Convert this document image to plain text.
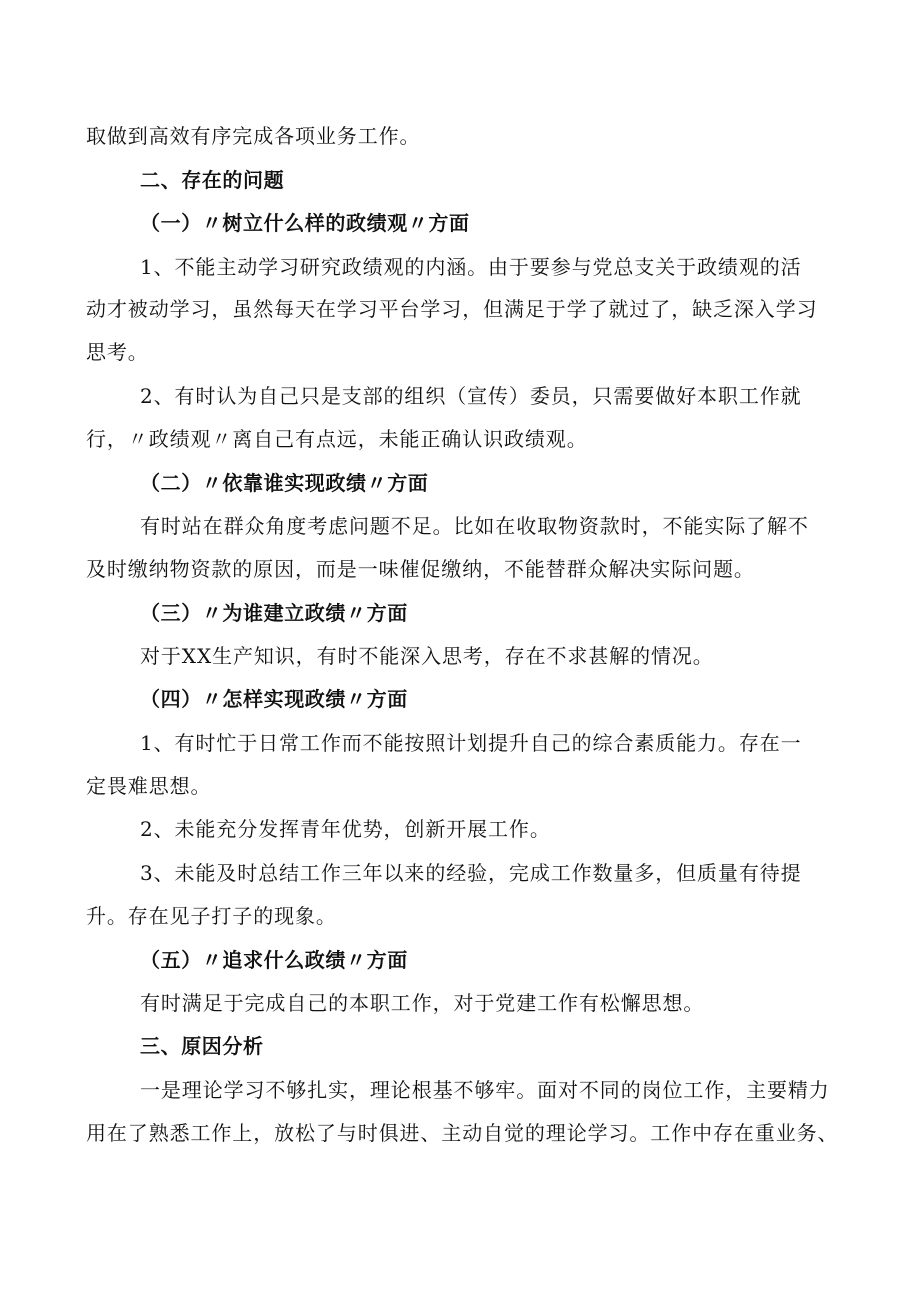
取做到高效有序完成各项业务工作。
二、存在的问题
（一）〃树立什么样的政绩观〃方面
1、不能主动学习研究政绩观的内涵。由于要参与党总支关于政绩观的活
动才被动学习，虽然每天在学习平台学习，但满足于学了就过了，缺乏深入学习
思考。
2、有时认为自己只是支部的组织（宣传）委员，只需要做好本职工作就
行，〃政绩观〃离自己有点远，未能正确认识政绩观。
（二）〃依靠谁实现政绩〃方面
有时站在群众角度考虑问题不足。比如在收取物资款时，不能实际了解不
及时缴纳物资款的原因，而是一味催促缴纳，不能替群众解决实际问题。
（三）〃为谁建立政绩〃方面
对于XX生产知识，有时不能深入思考，存在不求甚解的情况。
（四）〃怎样实现政绩〃方面
1、有时忙于日常工作而不能按照计划提升自己的综合素质能力。存在一
定畏难思想。
2、未能充分发挥青年优势，创新开展工作。
3、未能及时总结工作三年以来的经验，完成工作数量多，但质量有待提
升。存在见子打子的现象。
（五）〃追求什么政绩〃方面
有时满足于完成自己的本职工作，对于党建工作有松懈思想。
三、原因分析
一是理论学习不够扎实，理论根基不够牢。面对不同的岗位工作，主要精力
用在了熟悉工作上，放松了与时俱进、主动自觉的理论学习。工作中存在重业务、
